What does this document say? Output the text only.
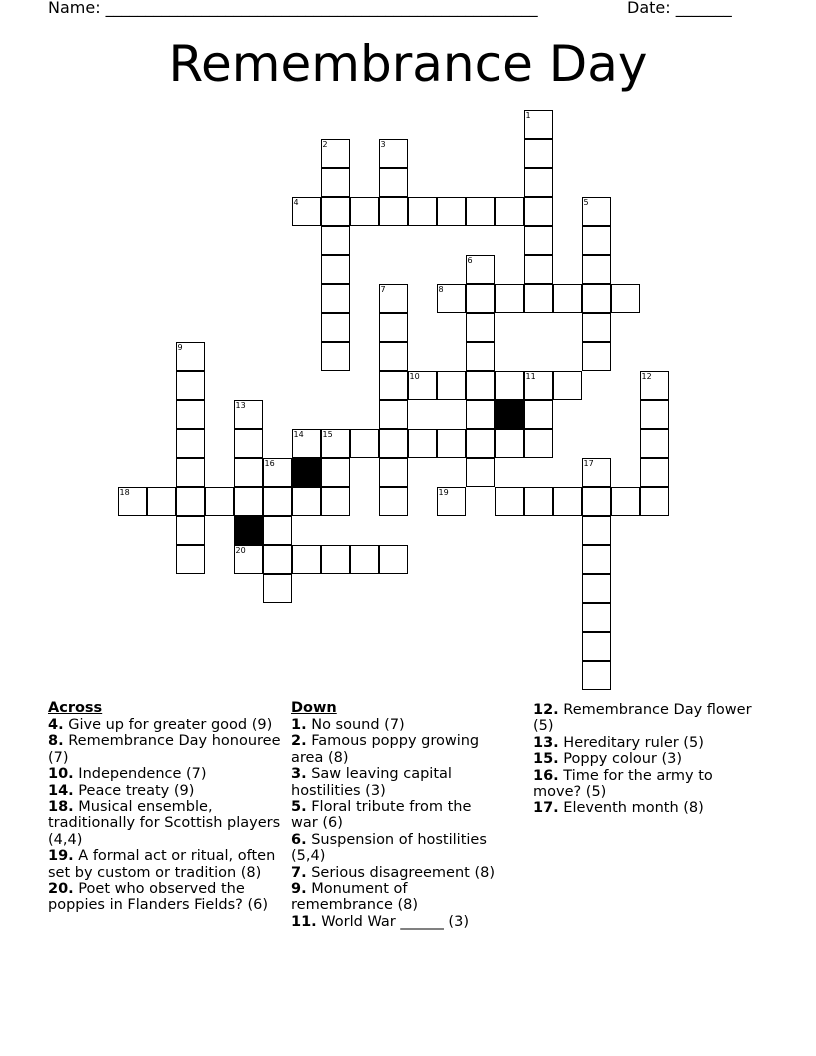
Name: ______________________________________________________	Date: _______
Remembrance Day
1
2	3
4	5
6
7	8
9
10	11	12
13
14 15
16	17
18	19
20
Across
4. Give up for greater good (9)
8. Remembrance Day honouree (7)
10. Independence (7)
14. Peace treaty (9)
18. Musical ensemble, traditionally for Scottish players (4,4)
19. A formal act or ritual, often set by custom or tradition (8)
20. Poet who observed the poppies in Flanders Fields? (6)
Down
1. No sound (7)
2. Famous poppy growing area (8)
3. Saw leaving capital hostilities (3)
5. Floral tribute from the war (6)
6. Suspension of hostilities (5,4)
7. Serious disagreement (8)
9. Monument of remembrance (8)
11. World War ______ (3)
12. Remembrance Day flower (5)
13. Hereditary ruler (5)
15. Poppy colour (3)
16. Time for the army to move? (5)
17. Eleventh month (8)
